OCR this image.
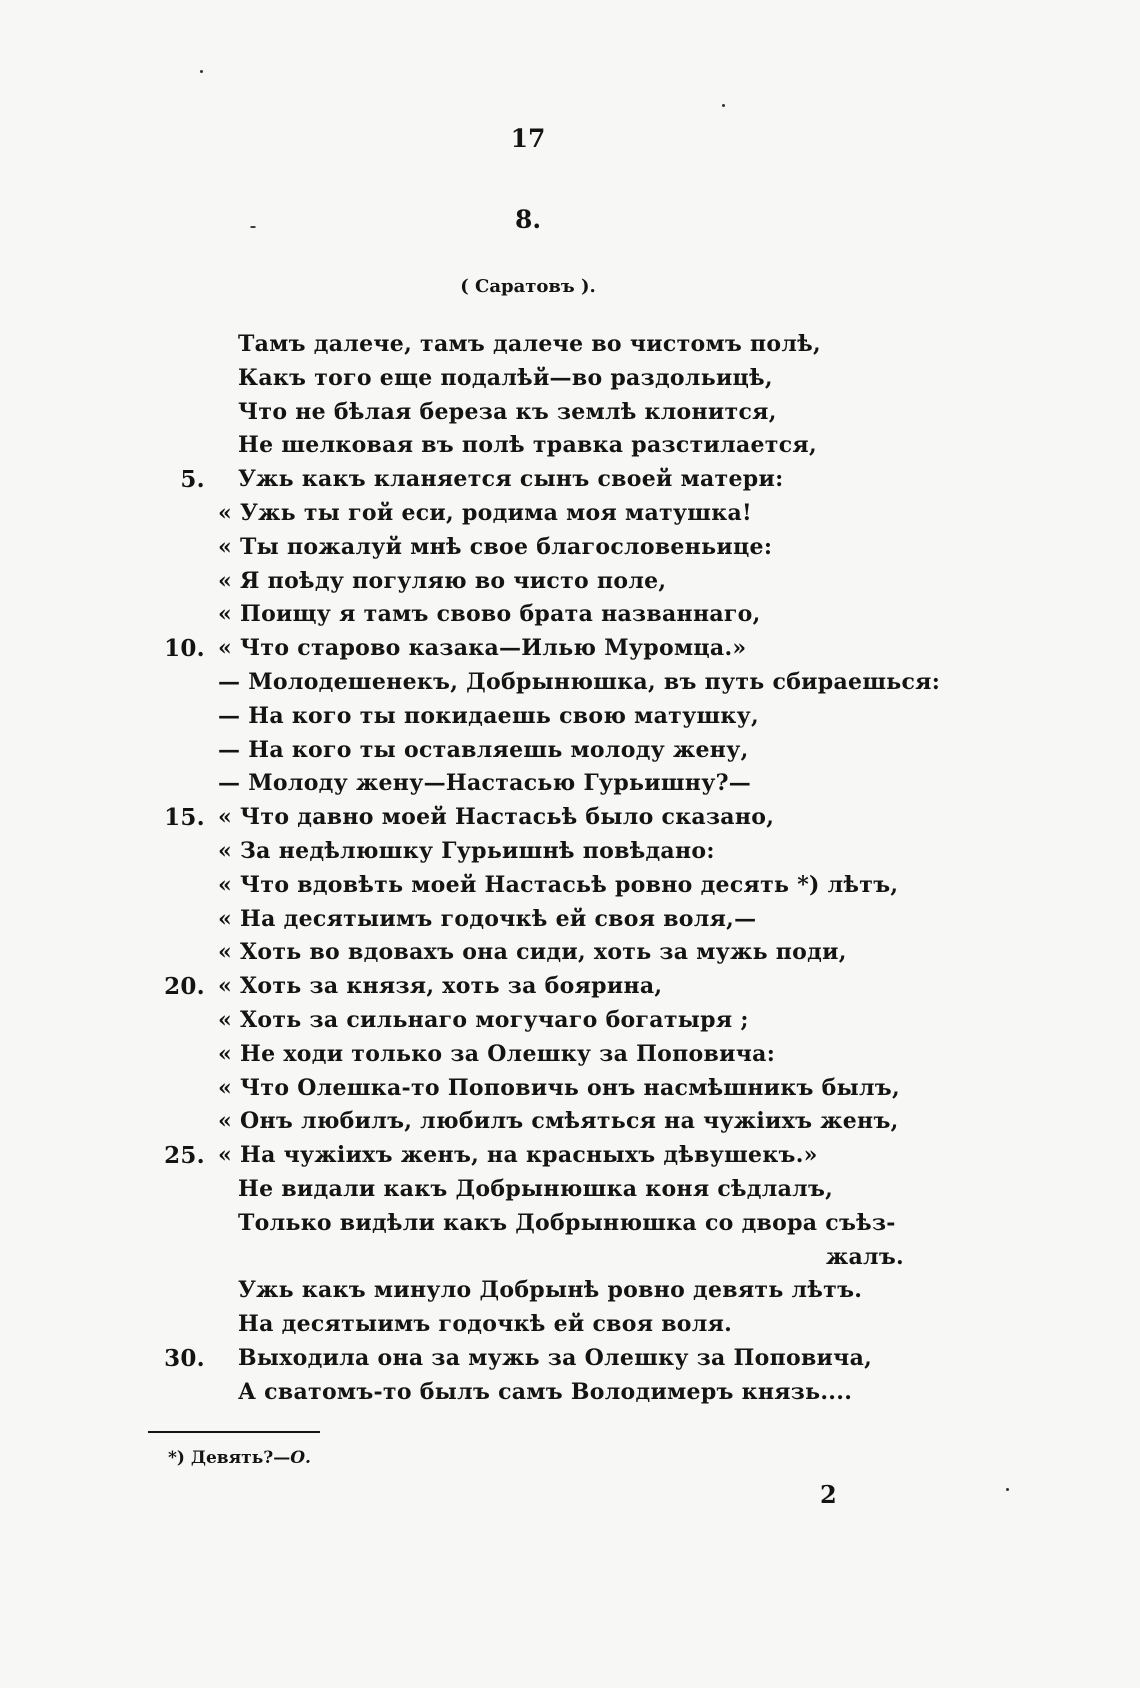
17
8.
( Саратовъ ).
Тамъ далече, тамъ далече во чистомъ полѣ,
Какъ того еще подалѣй—во раздольицѣ,
Что не бѣлая береза къ землѣ клонится,
Не шелковая въ полѣ травка разстилается,
5. Ужь какъ кланяется сынъ своей матери:
« Ужь ты гой еси, родима моя матушка!
« Ты пожалуй мнѣ свое благословеньице:
« Я поѣду погуляю во чисто поле,
« Поищу я тамъ свово брата названнаго,
10. « Что старово казака—Илью Муромца.»
— Молодешенекъ, Добрынюшка, въ путь сбираешься:
— На кого ты покидаешь свою матушку,
— На кого ты оставляешь молоду жену,
— Молоду жену—Настасью Гурьишну?—
15. « Что давно моей Настасьѣ было сказано,
« За недѣлюшку Гурьишнѣ повѣдано:
« Что вдовѣть моей Настасьѣ ровно десять *) лѣтъ,
« На десятыимъ годочкѣ ей своя воля,—
« Хоть во вдовахъ она сиди, хоть за мужь поди,
20. « Хоть за князя, хоть за боярина,
« Хоть за сильнаго могучаго богатыря ;
« Не ходи только за Олешку за Поповича:
« Что Олешка-то Поповичь онъ насмѣшникъ былъ,
« Онъ любилъ, любилъ смѣяться на чужiихъ женъ,
25. « На чужiихъ женъ, на красныхъ дѣвушекъ.»
Не видали какъ Добрынюшка коня сѣдлалъ,
Только видѣли какъ Добрынюшка со двора съѣз-
жалъ.
Ужь какъ минуло Добрынѣ ровно девять лѣтъ.
На десятыимъ годочкѣ ей своя воля.
30. Выходила она за мужь за Олешку за Поповича,
А сватомъ-то былъ самъ Володимеръ князь....
*) Девять?—О.
2
